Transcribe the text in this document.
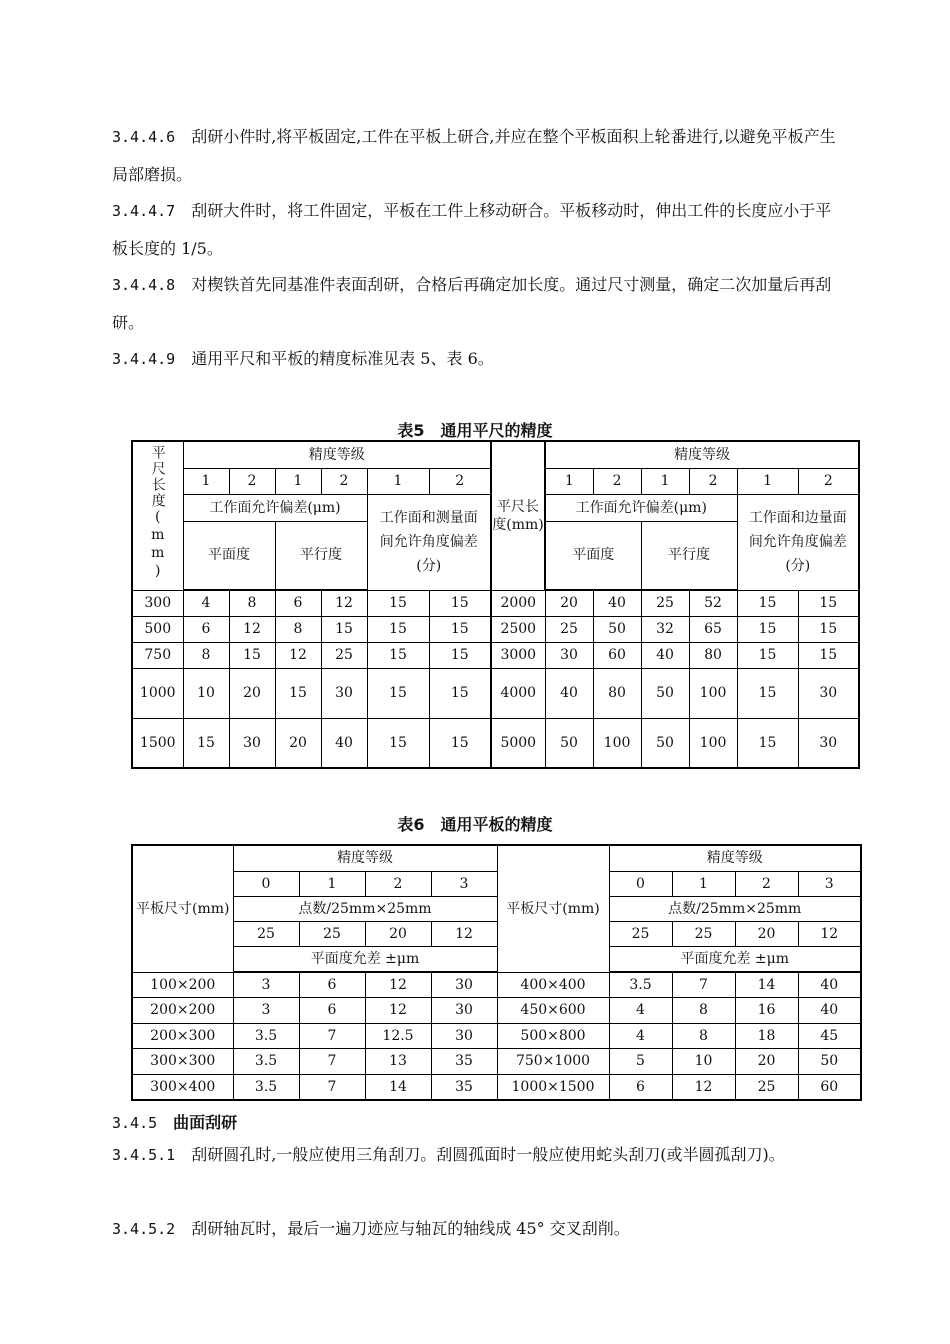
3.4.4.6 刮研小件时,将平板固定,工件在平板上研合,并应在整个平板面积上轮番进行,以避免平板产生局部磨损。
3.4.4.7 刮研大件时，将工件固定，平板在工件上移动研合。平板移动时，伸出工件的长度应小于平板长度的 1/5。
3.4.4.8 对楔铁首先同基准件表面刮研，合格后再确定加长度。通过尺寸测量，确定二次加量后再刮研。
3.4.4.9 通用平尺和平板的精度标准见表 5、表 6。
表5　通用平尺的精度
平尺长度(mm)	精度等级						平尺长度(mm)	精度等级					
	1	2	1	2	1	2		1	2	1	2	1	2
	工作面允许偏差(μm)				工作面和测量面间允许角度偏差(分)			工作面允许偏差(μm)				工作面和边量面间允许角度偏差(分)	
	平面度		平行度					平面度		平行度			
300	4	8	6	12	15	15	2000	20	40	25	52	15	15
500	6	12	8	15	15	15	2500	25	50	32	65	15	15
750	8	15	12	25	15	15	3000	30	60	40	80	15	15
1000	10	20	15	30	15	15	4000	40	80	50	100	15	30
1500	15	30	20	40	15	15	5000	50	100	50	100	15	30
表6　通用平板的精度
平板尺寸(mm)	精度等级				平板尺寸(mm)	精度等级			
	0	1	2	3		0	1	2	3
	点数/25mm×25mm					点数/25mm×25mm			
	25	25	20	12		25	25	20	12
	平面度允差 ±μm					平面度允差 ±μm			
100×200	3	6	12	30	400×400	3.5	7	14	40
200×200	3	6	12	30	450×600	4	8	16	40
200×300	3.5	7	12.5	30	500×800	4	8	18	45
300×300	3.5	7	13	35	750×1000	5	10	20	50
300×400	3.5	7	14	35	1000×1500	6	12	25	60
3.4.5 曲面刮研
3.4.5.1 刮研圆孔时,一般应使用三角刮刀。刮圆孤面时一般应使用蛇头刮刀(或半圆孤刮刀)。
3.4.5.2 刮研轴瓦时，最后一遍刀迹应与轴瓦的轴线成 45° 交叉刮削。
